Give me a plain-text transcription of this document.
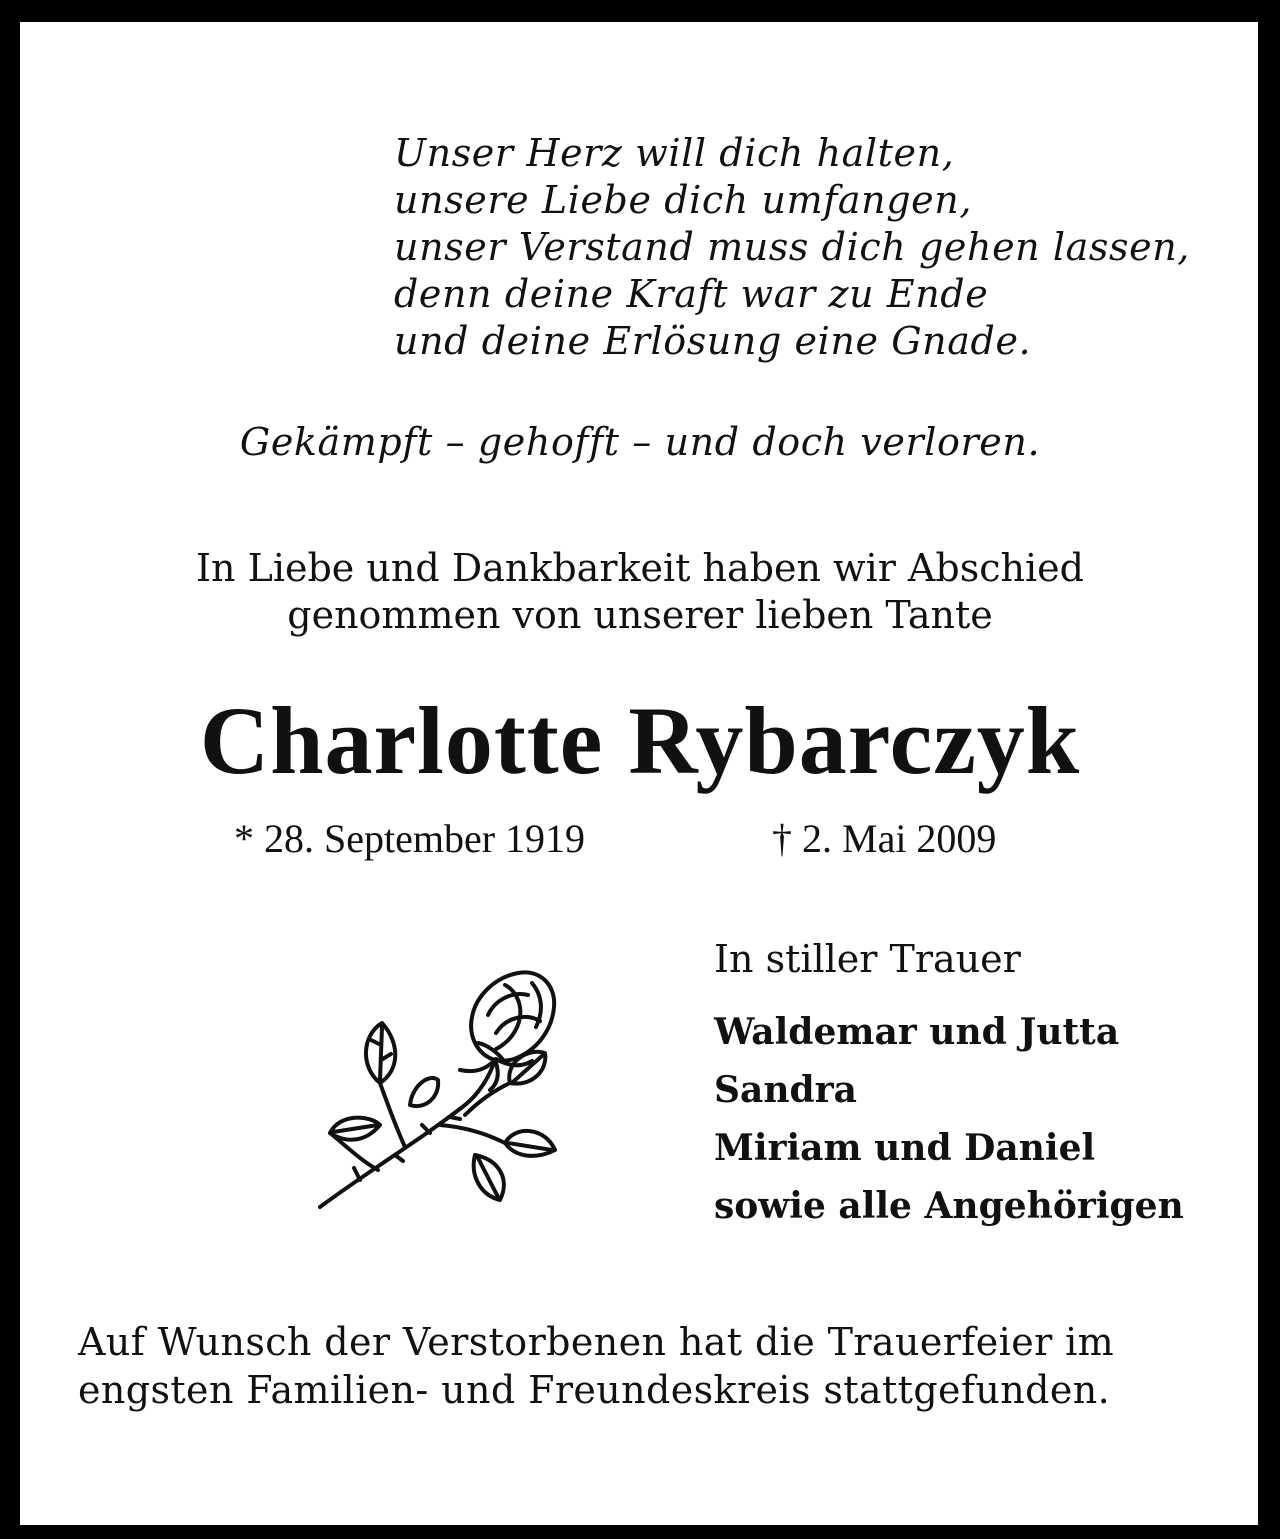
Unser Herz will dich halten,
unsere Liebe dich umfangen,
unser Verstand muss dich gehen lassen,
denn deine Kraft war zu Ende
und deine Erlösung eine Gnade.
Gekämpft – gehofft – und doch verloren.
In Liebe und Dankbarkeit haben wir Abschied
genommen von unserer lieben Tante
Charlotte Rybarczyk
* 28. September 1919	† 2. Mai 2009
In stiller Trauer
Waldemar und Jutta
Sandra
Miriam und Daniel
sowie alle Angehörigen
Auf Wunsch der Verstorbenen hat die Trauerfeier im
engsten Familien- und Freundeskreis stattgefunden.
